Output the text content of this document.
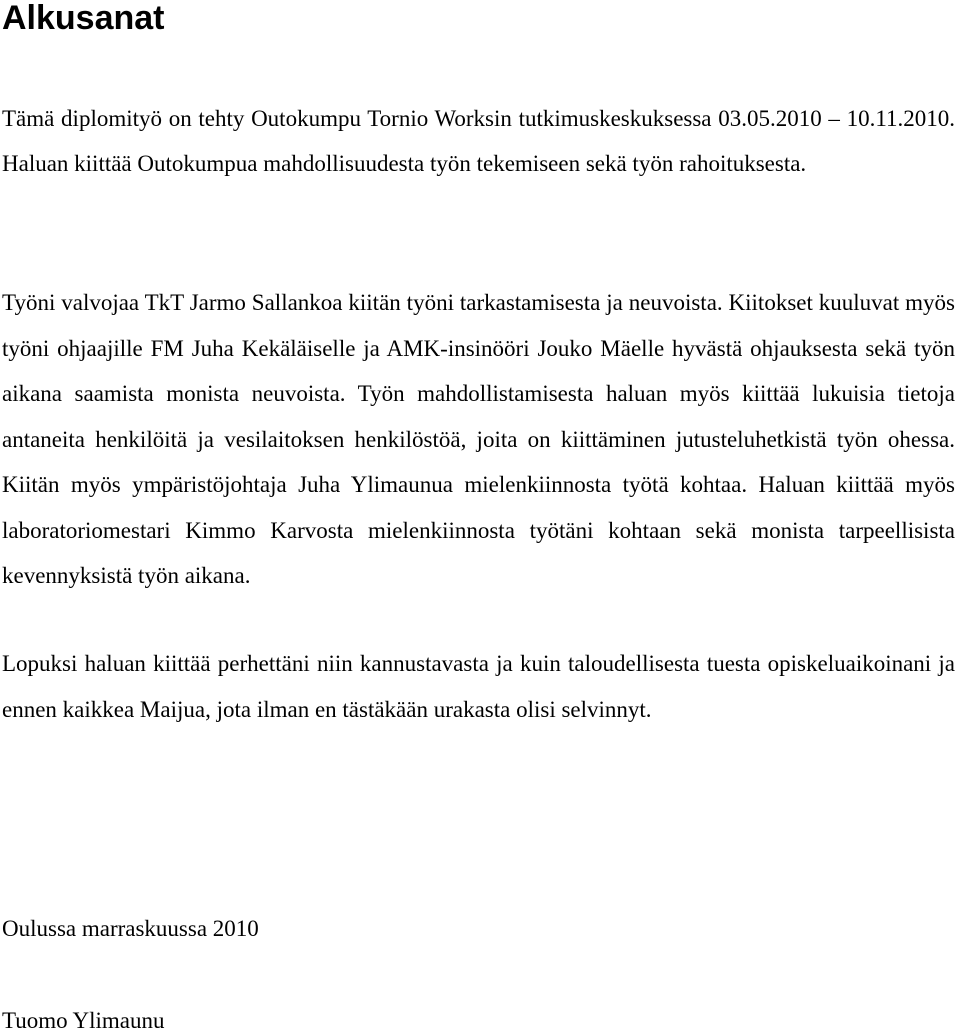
Alkusanat

Tämä diplomityö on tehty Outokumpu Tornio Worksin tutkimuskeskuksessa 03.05.2010 – 10.11.2010. Haluan kiittää Outokumpua mahdollisuudesta työn tekemiseen sekä työn rahoituksesta.

Työni valvojaa TkT Jarmo Sallankoa kiitän työni tarkastamisesta ja neuvoista. Kiitokset kuuluvat myös työni ohjaajille FM Juha Kekäläiselle ja AMK-insinööri Jouko Mäelle hyvästä ohjauksesta sekä työn aikana saamista monista neuvoista. Työn mahdollistamisesta haluan myös kiittää lukuisia tietoja antaneita henkilöitä ja vesilaitoksen henkilöstöä, joita on kiittäminen jutusteluhetkistä työn ohessa. Kiitän myös ympäristöjohtaja Juha Ylimaunua mielenkiinnosta työtä kohtaa. Haluan kiittää myös laboratoriomestari Kimmo Karvosta mielenkiinnosta työtäni kohtaan sekä monista tarpeellisista kevennyksistä työn aikana.

Lopuksi haluan kiittää perhettäni niin kannustavasta ja kuin taloudellisesta tuesta opiskeluaikoinani ja ennen kaikkea Maijua, jota ilman en tästäkään urakasta olisi selvinnyt.

Oulussa marraskuussa 2010

Tuomo Ylimaunu
